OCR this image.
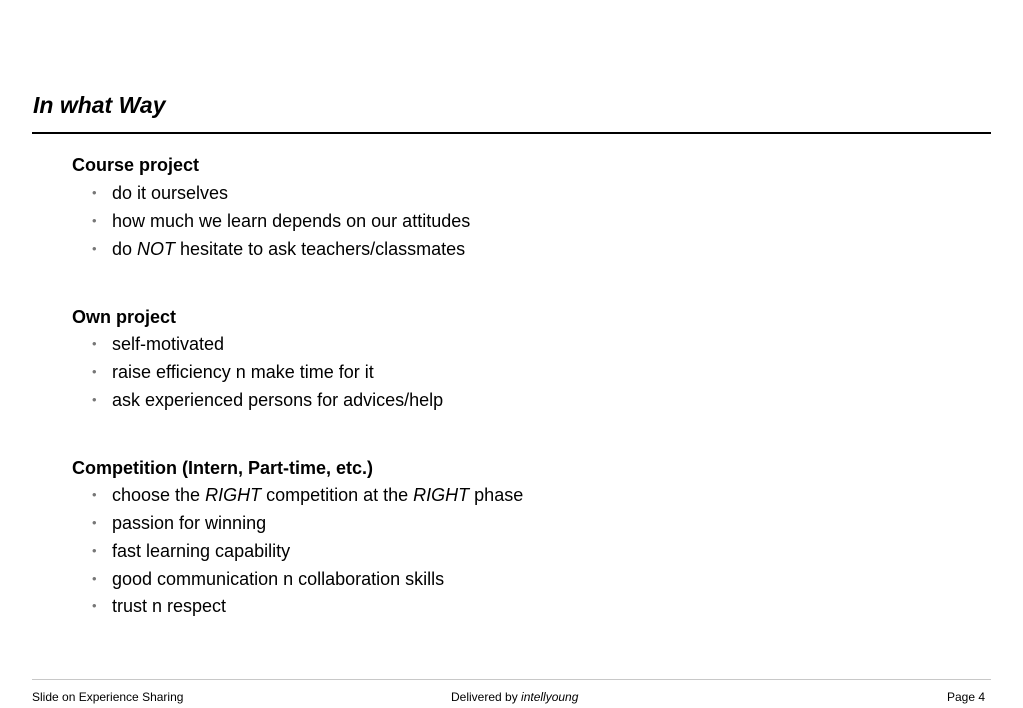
In what Way
Course project
• do it ourselves
• how much we learn depends on our attitudes
• do NOT hesitate to ask teachers/classmates
Own project
• self-motivated
• raise efficiency n make time for it
• ask experienced persons for advices/help
Competition (Intern, Part-time, etc.)
• choose the RIGHT competition at the RIGHT phase
• passion for winning
• fast learning capability
• good communication n collaboration skills
• trust n respect
Slide on Experience Sharing	Delivered by intellyoung	Page 4
